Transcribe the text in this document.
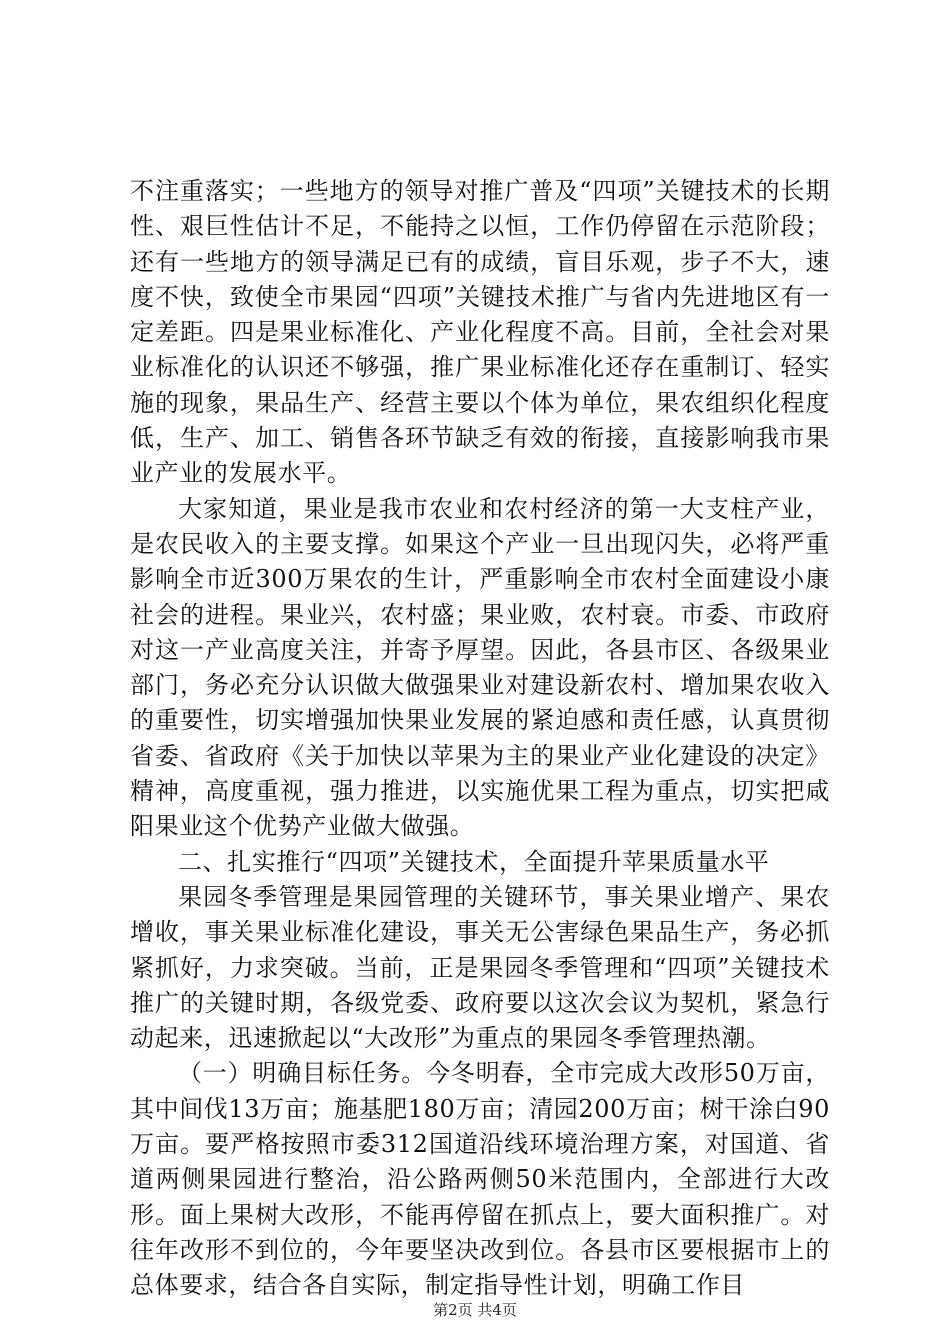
不注重落实；一些地方的领导对推广普及“四项”关键技术的长期性、艰巨性估计不足，不能持之以恒，工作仍停留在示范阶段；还有一些地方的领导满足已有的成绩，盲目乐观，步子不大，速度不快，致使全市果园“四项”关键技术推广与省内先进地区有一定差距。四是果业标准化、产业化程度不高。目前，全社会对果业标准化的认识还不够强，推广果业标准化还存在重制订、轻实施的现象，果品生产、经营主要以个体为单位，果农组织化程度低，生产、加工、销售各环节缺乏有效的衔接，直接影响我市果业产业的发展水平。

大家知道，果业是我市农业和农村经济的第一大支柱产业，是农民收入的主要支撑。如果这个产业一旦出现闪失，必将严重影响全市近300万果农的生计，严重影响全市农村全面建设小康社会的进程。果业兴，农村盛；果业败，农村衰。市委、市政府对这一产业高度关注，并寄予厚望。因此，各县市区、各级果业部门，务必充分认识做大做强果业对建设新农村、增加果农收入的重要性，切实增强加快果业发展的紧迫感和责任感，认真贯彻省委、省政府《关于加快以苹果为主的果业产业化建设的决定》精神，高度重视，强力推进，以实施优果工程为重点，切实把咸阳果业这个优势产业做大做强。

二、扎实推行“四项”关键技术，全面提升苹果质量水平

果园冬季管理是果园管理的关键环节，事关果业增产、果农增收，事关果业标准化建设，事关无公害绿色果品生产，务必抓紧抓好，力求突破。当前，正是果园冬季管理和“四项”关键技术推广的关键时期，各级党委、政府要以这次会议为契机，紧急行动起来，迅速掀起以“大改形”为重点的果园冬季管理热潮。

（一）明确目标任务。今冬明春，全市完成大改形50万亩，其中间伐13万亩；施基肥180万亩；清园200万亩；树干涂白90万亩。要严格按照市委312国道沿线环境治理方案，对国道、省道两侧果园进行整治，沿公路两侧50米范围内，全部进行大改形。面上果树大改形，不能再停留在抓点上，要大面积推广。对往年改形不到位的，今年要坚决改到位。各县市区要根据市上的总体要求，结合各自实际，制定指导性计划，明确工作目

第2页 共4页
